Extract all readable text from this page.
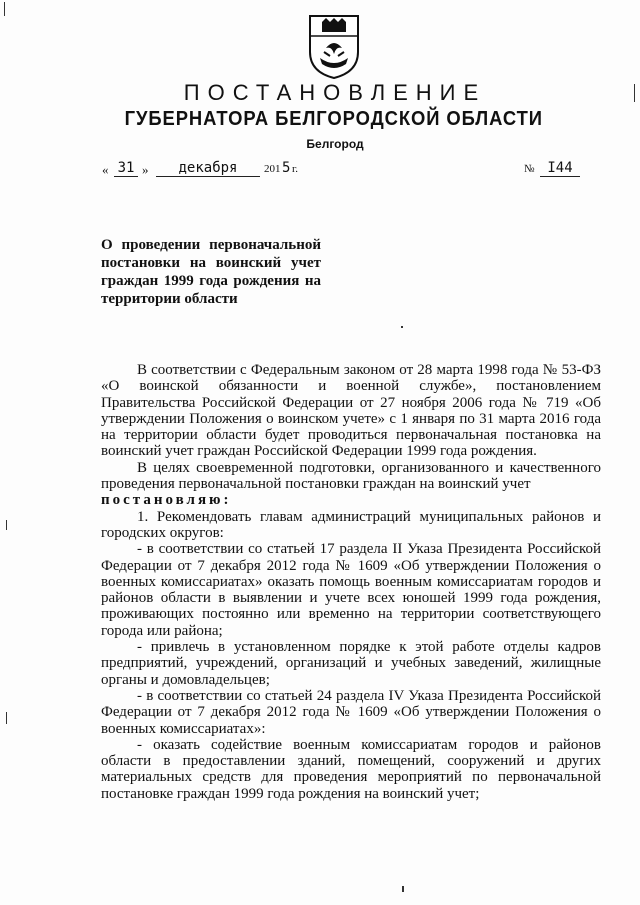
ПОСТАНОВЛЕНИЕ
ГУБЕРНАТОРА БЕЛГОРОДСКОЙ ОБЛАСТИ
Белгород
« 31 »	декабря	201 5 г.	№ I44
О проведении первоначальной постановки на воинский учет граждан 1999 года рождения на территории области

В соответствии с Федеральным законом от 28 марта 1998 года № 53-ФЗ «О воинской обязанности и военной службе», постановлением Правительства Российской Федерации от 27 ноября 2006 года № 719 «Об утверждении Положения о воинском учете» с 1 января по 31 марта 2016 года на территории области будет проводиться первоначальная постановка на воинский учет граждан Российской Федерации 1999 года рождения.

В целях своевременной подготовки, организованного и качественного проведения первоначальной постановки граждан на воинский учет

постановляю:

1. Рекомендовать главам администраций муниципальных районов и городских округов:

- в соответствии со статьей 17 раздела II Указа Президента Российской Федерации от 7 декабря 2012 года № 1609 «Об утверждении Положения о военных комиссариатах» оказать помощь военным комиссариатам городов и районов области в выявлении и учете всех юношей 1999 года рождения, проживающих постоянно или временно на территории соответствующего города или района;

- привлечь в установленном порядке к этой работе отделы кадров предприятий, учреждений, организаций и учебных заведений, жилищные органы и домовладельцев;

- в соответствии со статьей 24 раздела IV Указа Президента Российской Федерации от 7 декабря 2012 года № 1609 «Об утверждении Положения о военных комиссариатах»:

- оказать содействие военным комиссариатам городов и районов области в предоставлении зданий, помещений, сооружений и других материальных средств для проведения мероприятий по первоначальной постановке граждан 1999 года рождения на воинский учет;
